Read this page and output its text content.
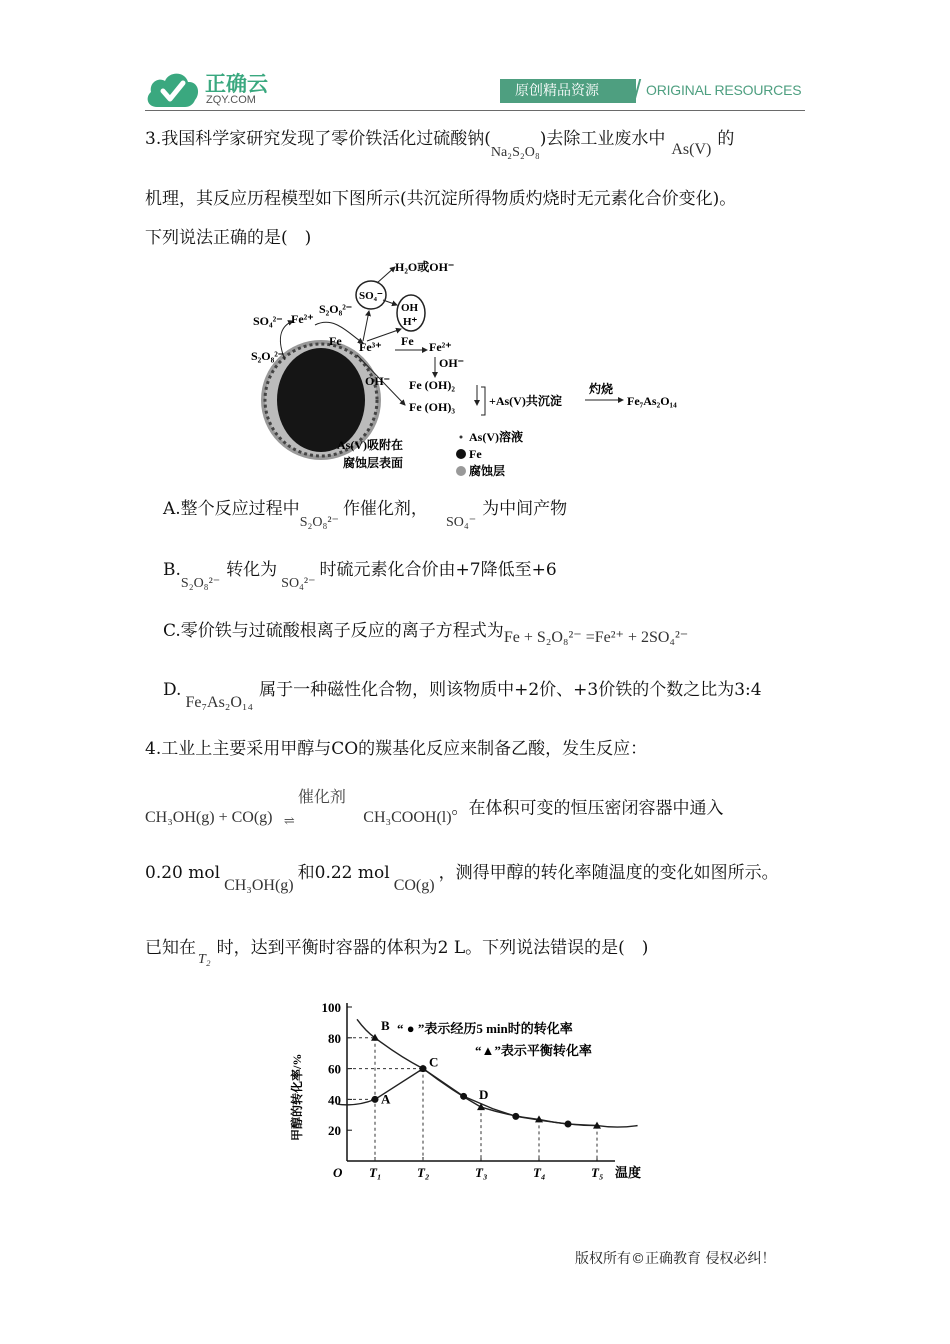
正确云
ZQY.COM
原创精品资源	ORIGINAL RESOURCES
3.我国科学家研究发现了零价铁活化过硫酸钠$(_{Na_2S_2O_8})$去除工业废水中As(V)的
机理，其反应历程模型如下图所示(共沉淀所得物质灼烧时无元素化合价变化)。
下列说法正确的是(　)
H₂O或OH⁻
SO₄⁻
OH
H⁺
SO₄²⁻
S₂O₈²⁻
Fe²⁺
S₂O₈²⁻
Fe Fe³⁺ Fe Fe²⁺
OH⁻
OH⁻ Fe (OH)₂
Fe (OH)₃	+As(V)共沉淀
灼烧
Fe₇As₂O₁₄
As(V)吸附在
腐蚀层表面
As(V)溶液
Fe
腐蚀层
A.整个反应过程中$_{S_2O_8^{2-}}$作催化剂，$_{SO_4^-}$为中间产物
$B._{S_2O_8^{2-}}$转化为$_{SO_4^{2-}}$时硫元素化合价由+7降低至+6
C.零价铁与过硫酸根离子反应的离子方程式为Fe + S₂O₈²⁻ =Fe²⁺ + 2SO₄²⁻
D.Fe₇As₂O₁₄属于一种磁性化合物，则该物质中+2价、+3价铁的个数之比为3:4
4.工业上主要采用甲醇与CO的羰基化反应来制备乙酸，发生反应：
CH₃OH(g) + CO(g)
催化剂
⇌	CH₃COOH(l)。在体积可变的恒压密闭容器中通入
0.20 molCH₃OH(g)和0.22 molCO(g)，测得甲醇的转化率随温度的变化如图所示。
已知在$_{T_2}$时，达到平衡时容器的体积为2 L。下列说法错误的是(　)
O
20
40
60
80
100
甲醇的转化率/%
T₁	T₂	T₃	T₄	T₅ 温度
A
B
C
D
“ ● ”表示经历5 min时的转化率
“▲”表示平衡转化率
版权所有©正确教育 侵权必纠！
